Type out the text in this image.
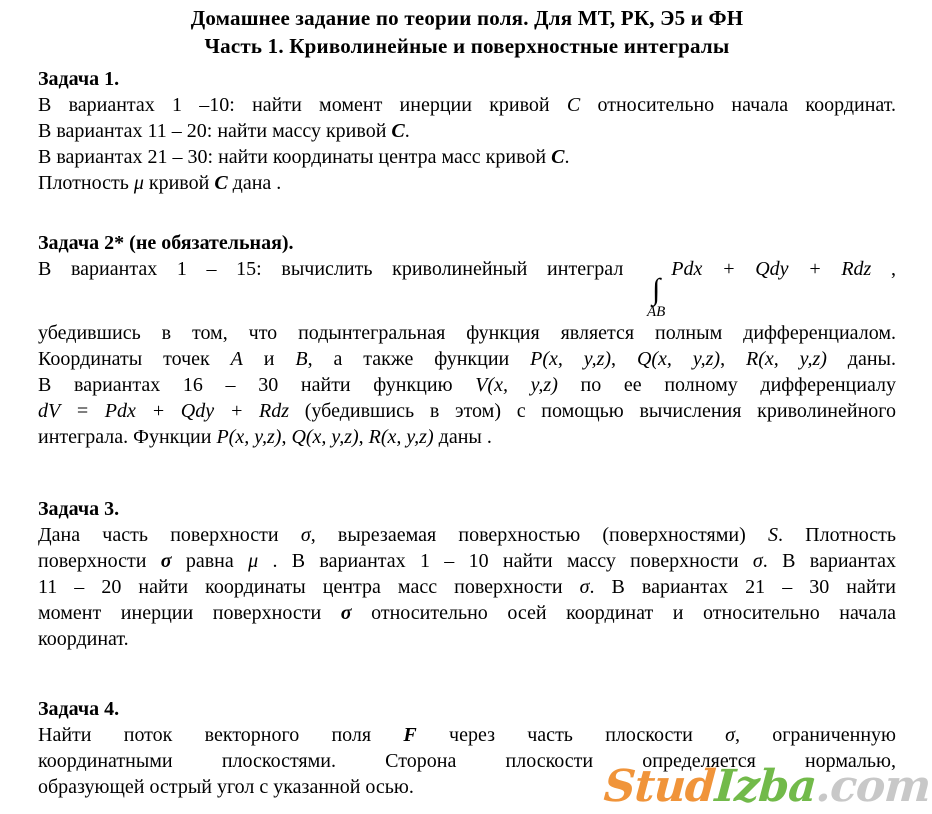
Домашнее задание по теории поля. Для МТ, РК, Э5 и ФН
Часть 1. Криволинейные и поверхностные интегралы
Задача 1.
В вариантах 1 –10: найти момент инерции кривой C относительно начала координат.
В вариантах 11 – 20: найти массу кривой C.
В вариантах 21 – 30: найти координаты центра масс кривой C.
Плотность μ кривой C дана .
Задача 2* (не обязательная).
В вариантах 1 – 15: вычислить криволинейный интеграл
∫
AB
Pdx + Qdy + Rdz ,
убедившись в том, что подынтегральная функция является полным дифференциалом.
Координаты точек A и B, а также функции P(x, y,z), Q(x, y,z), R(x, y,z) даны.
В вариантах 16 – 30 найти функцию V(x, y,z) по ее полному дифференциалу
dV = Pdx + Qdy + Rdz (убедившись в этом) с помощью вычисления криволинейного
интеграла. Функции P(x, y,z), Q(x, y,z), R(x, y,z) даны .
Задача 3.
Дана часть поверхности σ, вырезаемая поверхностью (поверхностями) S. Плотность
поверхности σ равна μ . В вариантах 1 – 10 найти массу поверхности σ. В вариантах
11 – 20 найти координаты центра масс поверхности σ. В вариантах 21 – 30 найти
момент инерции поверхности σ относительно осей координат и относительно начала
координат.
Задача 4.
Найти поток векторного поля F через часть плоскости σ, ограниченную
координатными плоскостями. Сторона плоскости определяется нормалью,
образующей острый угол с указанной осью.	StudIzba.com
